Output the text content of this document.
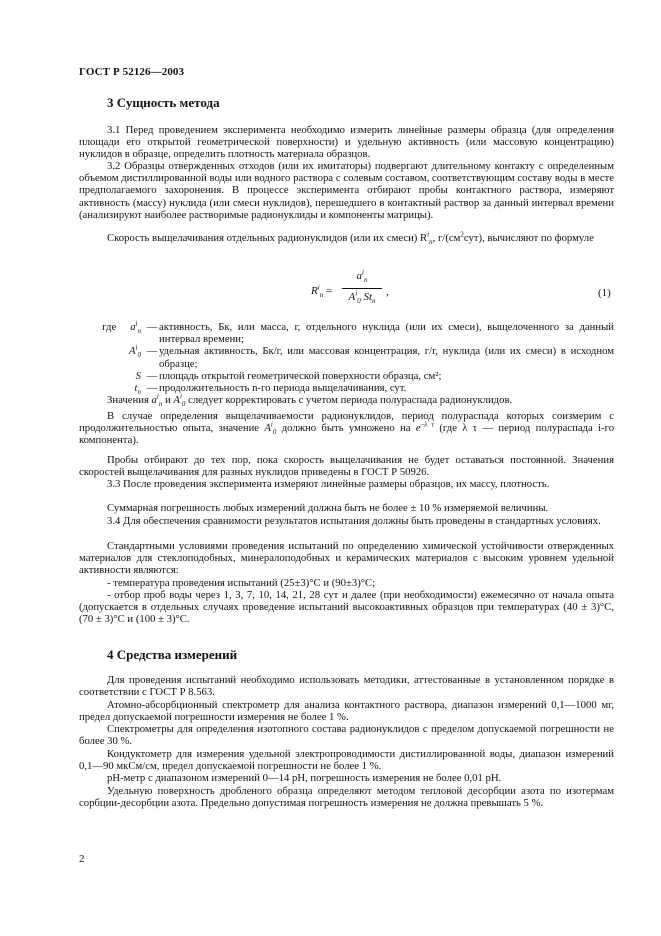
ГОСТ Р 52126—2003
3 Сущность метода
3.1 Перед проведением эксперимента необходимо измерить линейные размеры образца (для определения площади его открытой геометрической поверхности) и удельную активность (или массовую концентрацию) нуклидов в образце, определить плотность материала образцов.
3.2 Образцы отвержденных отходов (или их имитаторы) подвергают длительному контакту с определенным объемом дистиллированной воды или водного раствора с солевым составом, соответствующим составу воды в месте предполагаемого захоронения. В процессе эксперимента отбирают пробы контактного раствора, измеряют активность (массу) нуклида (или смеси нуклидов), перешедшего в контактный раствор за данный интервал времени (анализируют наиболее растворимые радионуклиды и компоненты матрицы).
Скорость выщелачивания отдельных радионуклидов (или их смеси) $R^i_n$, $г/(см^2сут)$, вычисляют по формуле
$R^i_n$ =
$a^i_n$
$A^i_0$ $St_n$
,	(1)
где $a^i_n$ — активность, Бк, или масса, г, отдельного нуклида (или их смеси), выщелоченного за данный интервал времени;
$A^i_0$ — удельная активность, Бк/г, или массовая концентрация, г/г, нуклида (или их смеси) в исходном образце;
S — площадь открытой геометрической поверхности образца, см²;
$t_n$ — продолжительность n-го периода выщелачивания, сут.
Значения $a^i_n$ и $A^i_0$ следует корректировать с учетом периода полураспада радионуклидов.
В случае определения выщелачиваемости радионуклидов, период полураспада которых соизмерим с продолжительностью опыта, значение $A^i_0$ должно быть умножено на $e^{-\lambda \tau}$ (где λ τ — период полураспада i-го компонента).
Пробы отбирают до тех пор, пока скорость выщелачивания не будет оставаться постоянной. Значения скоростей выщелачивания для разных нуклидов приведены в ГОСТ Р 50926.
3.3 После проведения эксперимента измеряют линейные размеры образцов, их массу, плотность.
Суммарная погрешность любых измерений должна быть не более ± 10 % измеряемой величины.
3.4 Для обеспечения сравнимости результатов испытания должны быть проведены в стандартных условиях.
Стандартными условиями проведения испытаний по определению химической устойчивости отвержденных материалов для стеклоподобных, минералоподобных и керамических материалов с высоким уровнем удельной активности являются:
- температура проведения испытаний (25±3)°С и (90±3)°С;
- отбор проб воды через 1, 3, 7, 10, 14, 21, 28 сут и далее (при необходимости) ежемесячно от начала опыта (допускается в отдельных случаях проведение испытаний высокоактивных образцов при температурах (40 ± 3)°С, (70 ± 3)°С и (100 ± 3)°С.
4 Средства измерений
Для проведения испытаний необходимо использовать методики, аттестованные в установленном порядке в соответствии с ГОСТ Р 8.563.
Атомно-абсорбционный спектрометр для анализа контактного раствора, диапазон измерений 0,1—1000 мг, предел допускаемой погрешности измерения не более 1 %.
Спектрометры для определения изотопного состава радионуклидов с пределом допускаемой погрешности не более 30 %.
Кондуктометр для измерения удельной электропроводимости дистиллированной воды, диапазон измерений 0,1—90 мкСм/см, предел допускаемой погрешности не более 1 %.
pH-метр с диапазоном измерений 0—14 pH, погрешность измерения не более 0,01 pH.
Удельную поверхность дробленого образца определяют методом тепловой десорбции азота по изотермам сорбции-десорбции азота. Предельно допустимая погрешность измерения не должна превышать 5 %.
2
